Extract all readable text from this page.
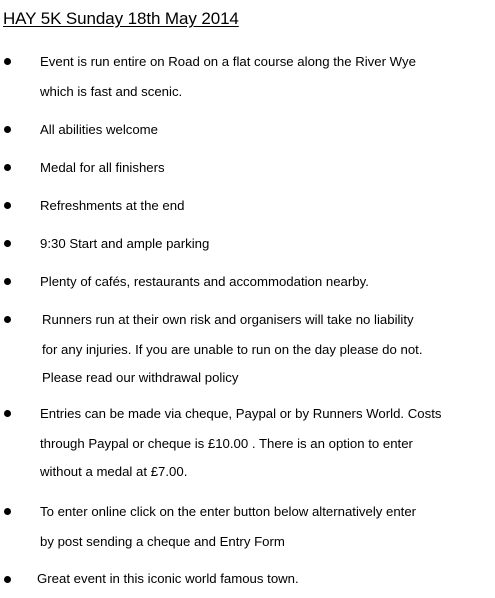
HAY 5K Sunday 18th May 2014
Event is run entire on Road on a flat course along the River Wye
which is fast and scenic.
All abilities welcome
Medal for all finishers
Refreshments at the end
9:30 Start and ample parking
Plenty of cafés, restaurants and accommodation nearby.
Runners run at their own risk and organisers will take no liability
for any injuries. If you are unable to run on the day please do not.
Please read our withdrawal policy
Entries can be made via cheque, Paypal or by Runners World. Costs
through Paypal or cheque is £10.00 . There is an option to enter
without a medal at £7.00.
To enter online click on the enter button below alternatively enter
by post sending a cheque and Entry Form
Great event in this iconic world famous town.
